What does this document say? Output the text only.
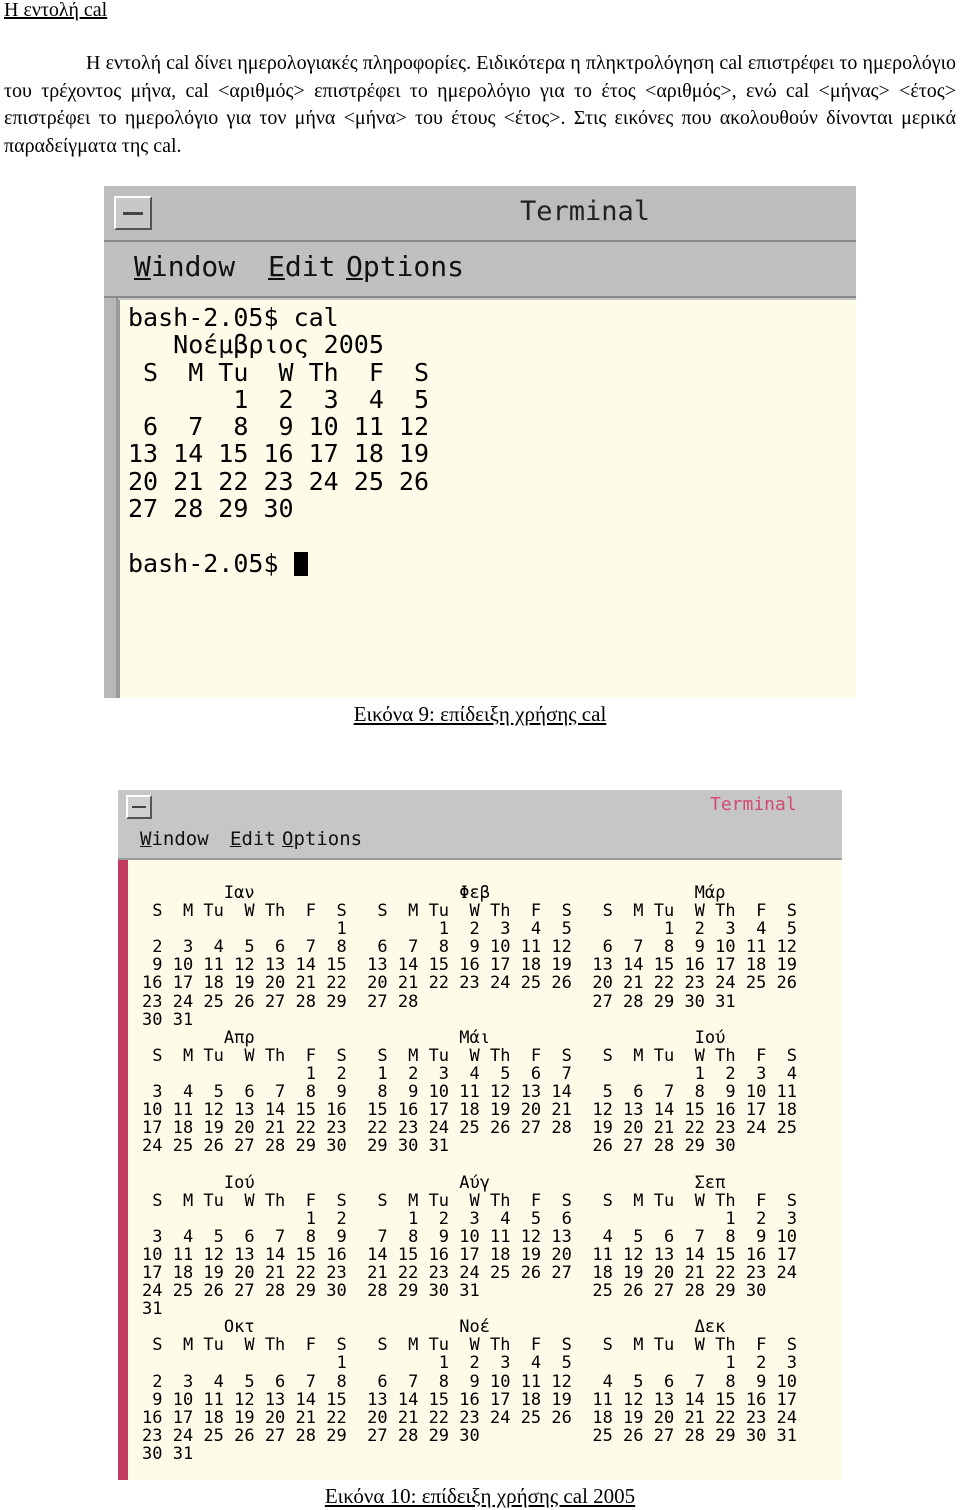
Η εντολή cal
Η εντολή cal δίνει ημερολογιακές πληροφορίες. Ειδικότερα η πληκτρολόγηση cal επιστρέφει το ημερολόγιο του τρέχοντος μήνα, cal <αριθμός> επιστρέφει το ημερολόγιο για το έτος <αριθμός>, ενώ cal <μήνας> <έτος> επιστρέφει το ημερολόγιο για τον μήνα <μήνα> του έτους <έτος>. Στις εικόνες που ακολουθούν δίνονται μερικά παραδείγματα της cal.
Terminal
Window Edit Options
bash-2.05$ cal
Νοέμβριος 2005
S  M Tu  W Th  F  S
1  2  3  4  5
6  7  8  9 10 11 12
13 14 15 16 17 18 19
20 21 22 23 24 25 26
27 28 29 30

bash-2.05$
Εικόνα 9: επίδειξη χρήσης cal
Terminal
Window Edit Options
Ιαν                    Φεβ                    Μάρ
S  M Tu  W Th  F  S   S  M Tu  W Th  F  S   S  M Tu  W Th  F  S
1         1  2  3  4  5         1  2  3  4  5
2  3  4  5  6  7  8   6  7  8  9 10 11 12   6  7  8  9 10 11 12
9 10 11 12 13 14 15  13 14 15 16 17 18 19  13 14 15 16 17 18 19
16 17 18 19 20 21 22  20 21 22 23 24 25 26  20 21 22 23 24 25 26
23 24 25 26 27 28 29  27 28                 27 28 29 30 31
30 31
Απρ                    Μάι                    Ιού
S  M Tu  W Th  F  S   S  M Tu  W Th  F  S   S  M Tu  W Th  F  S
1  2   1  2  3  4  5  6  7            1  2  3  4
3  4  5  6  7  8  9   8  9 10 11 12 13 14   5  6  7  8  9 10 11
10 11 12 13 14 15 16  15 16 17 18 19 20 21  12 13 14 15 16 17 18
17 18 19 20 21 22 23  22 23 24 25 26 27 28  19 20 21 22 23 24 25
24 25 26 27 28 29 30  29 30 31              26 27 28 29 30

Ιού                    Αύγ                    Σεπ
S  M Tu  W Th  F  S   S  M Tu  W Th  F  S   S  M Tu  W Th  F  S
1  2      1  2  3  4  5  6               1  2  3
3  4  5  6  7  8  9   7  8  9 10 11 12 13   4  5  6  7  8  9 10
10 11 12 13 14 15 16  14 15 16 17 18 19 20  11 12 13 14 15 16 17
17 18 19 20 21 22 23  21 22 23 24 25 26 27  18 19 20 21 22 23 24
24 25 26 27 28 29 30  28 29 30 31           25 26 27 28 29 30
31
Οκτ                    Νοέ                    Δεκ
S  M Tu  W Th  F  S   S  M Tu  W Th  F  S   S  M Tu  W Th  F  S
1         1  2  3  4  5               1  2  3
2  3  4  5  6  7  8   6  7  8  9 10 11 12   4  5  6  7  8  9 10
9 10 11 12 13 14 15  13 14 15 16 17 18 19  11 12 13 14 15 16 17
16 17 18 19 20 21 22  20 21 22 23 24 25 26  18 19 20 21 22 23 24
23 24 25 26 27 28 29  27 28 29 30           25 26 27 28 29 30 31
30 31
Εικόνα 10: επίδειξη χρήσης cal 2005
